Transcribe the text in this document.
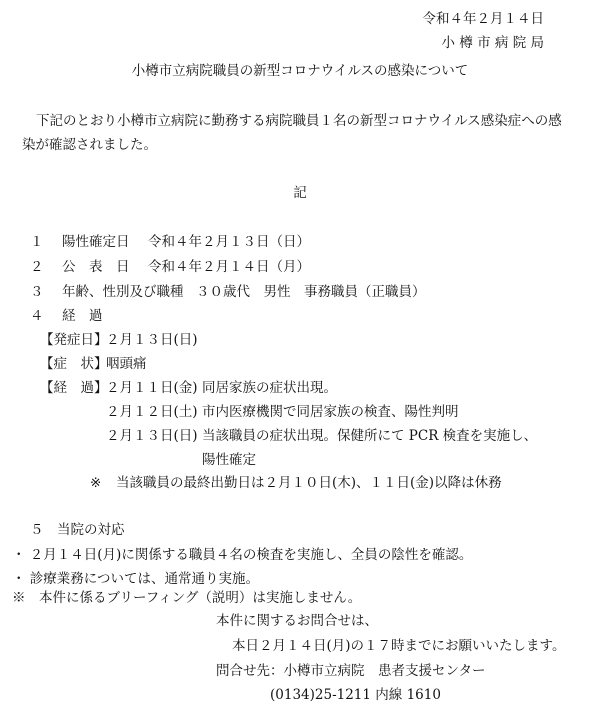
令和４年２月１４日
小 樽 市 病 院 局
小樽市立病院職員の新型コロナウイルスの感染について
下記のとおり小樽市立病院に勤務する病院職員１名の新型コロナウイルス感染症への感
染が確認されました。
記
１ 陽性確定日 令和４年２月１３日（日）
２ 公　表　日 令和４年２月１４日（月）
３ 年齢、性別及び職種 ３０歳代　男性　事務職員（正職員）
４ 経　過
【発症日】
２月１３日(日)
【症　状】
咽頭痛
【経　過】
２月１１日(金) 同居家族の症状出現。
２月１２日(土) 市内医療機関で同居家族の検査、陽性判明
２月１３日(日) 当該職員の症状出現。保健所にて PCR 検査を実施し、
陽性確定
※ 当該職員の最終出勤日は２月１０日(木)、１１日(金)以降は休務
５　当院の対応
・ ２月１４日(月)に関係する職員４名の検査を実施し、全員の陰性を確認。
・ 診療業務については、通常通り実施。
※　本件に係るブリーフィング（説明）は実施しません。
本件に関するお問合せは、
本日２月１４日(月)の１７時までにお願いいたします。
問合せ先：小樽市立病院　患者支援センター
(0134)25-1211 内線 1610
